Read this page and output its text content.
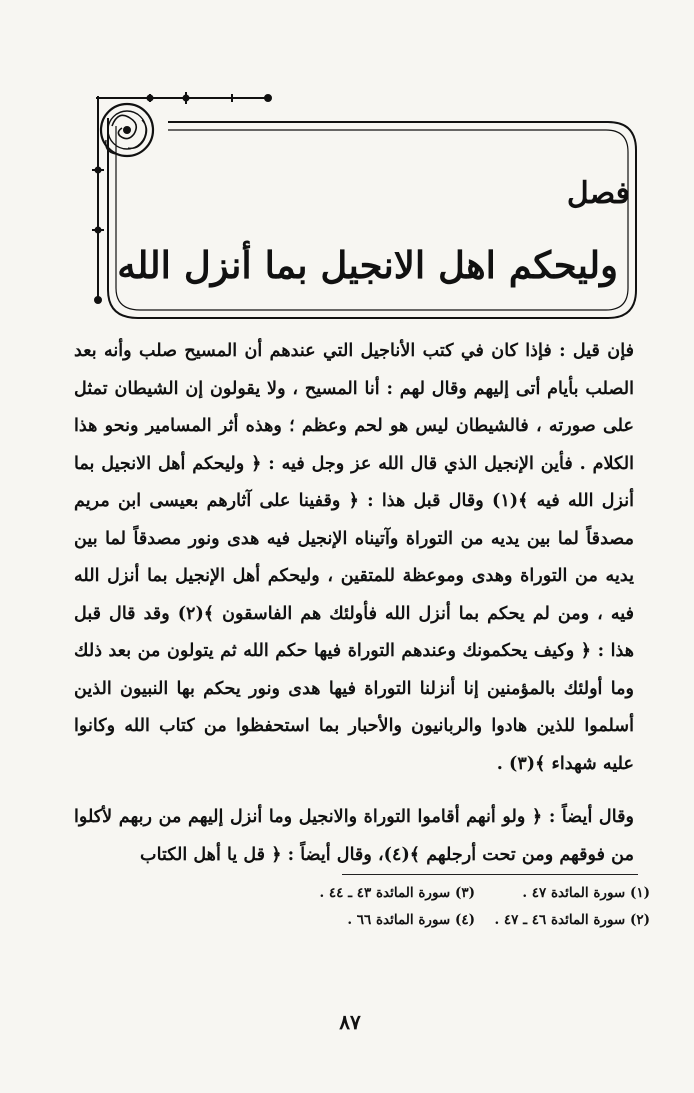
فصل
وليحكم اهل الانجيل بما أنزل الله

فإن قيل : فإذا كان في كتب الأناجيل التي عندهم أن المسيح صلب وأنه بعد الصلب بأيام أتى إليهم وقال لهم : أنا المسيح ، ولا يقولون إن الشيطان تمثل على صورته ، فالشيطان ليس هو لحم وعظم ؛ وهذه أثر المسامير ونحو هذا الكلام . فأين الإنجيل الذي قال الله عز وجل فيه : ﴿ وليحكم أهل الانجيل بما أنزل الله فيه ﴾(١) وقال قبل هذا : ﴿ وقفينا على آثارهم بعيسى ابن مريم مصدقاً لما بين يديه من التوراة وآتيناه الإنجيل فيه هدى ونور مصدقاً لما بين يديه من التوراة وهدى وموعظة للمتقين ، وليحكم أهل الإنجيل بما أنزل الله فيه ، ومن لم يحكم بما أنزل الله فأولئك هم الفاسقون ﴾(٢) وقد قال قبل هذا : ﴿ وكيف يحكمونك وعندهم التوراة فيها حكم الله ثم يتولون من بعد ذلك وما أولئك بالمؤمنين إنا أنزلنا التوراة فيها هدى ونور يحكم بها النبيون الذين أسلموا للذين هادوا والربانيون والأحبار بما استحفظوا من كتاب الله وكانوا عليه شهداء ﴾(٣) .

وقال أيضاً : ﴿ ولو أنهم أقاموا التوراة والانجيل وما أنزل إليهم من ربهم لأكلوا من فوقهم ومن تحت أرجلهم ﴾(٤)، وقال أيضاً : ﴿ قل يا أهل الكتاب

(١) سورة المائدة ٤٧ .
(٣) سورة المائدة ٤٣ ـ ٤٤ .
(٢) سورة المائدة ٤٦ ـ ٤٧ .
(٤) سورة المائدة ٦٦ .
٨٧
